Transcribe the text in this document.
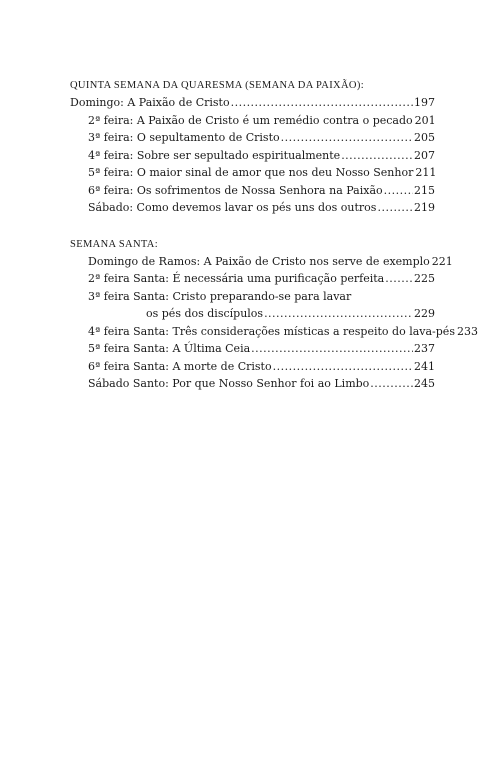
QUINTA SEMANA DA QUARESMA (SEMANA DA PAIXÃO):
Domingo: A Paixão de Cristo .....	197
2ª feira: A Paixão de Cristo é um remédio contra o pecado 201
3ª feira: O sepultamento de Cristo .....	205
4ª feira: Sobre ser sepultado espiritualmente .....	207
5ª feira: O maior sinal de amor que nos deu Nosso Senhor 211
6ª feira: Os sofrimentos de Nossa Senhora na Paixão .....	215
Sábado: Como devemos lavar os pés uns dos outros .....	219
SEMANA SANTA:
Domingo de Ramos: A Paixão de Cristo nos serve de exemplo 221
2ª feira Santa: É necessária uma purificação perfeita .....	225
3ª feira Santa: Cristo preparando-se para lavar
os pés dos discípulos .....	229
4ª feira Santa: Três considerações místicas a respeito do lava-pés 233
5ª feira Santa: A Última Ceia .....	237
6ª feira Santa: A morte de Cristo .....	241
Sábado Santo: Por que Nosso Senhor foi ao Limbo .....	245
